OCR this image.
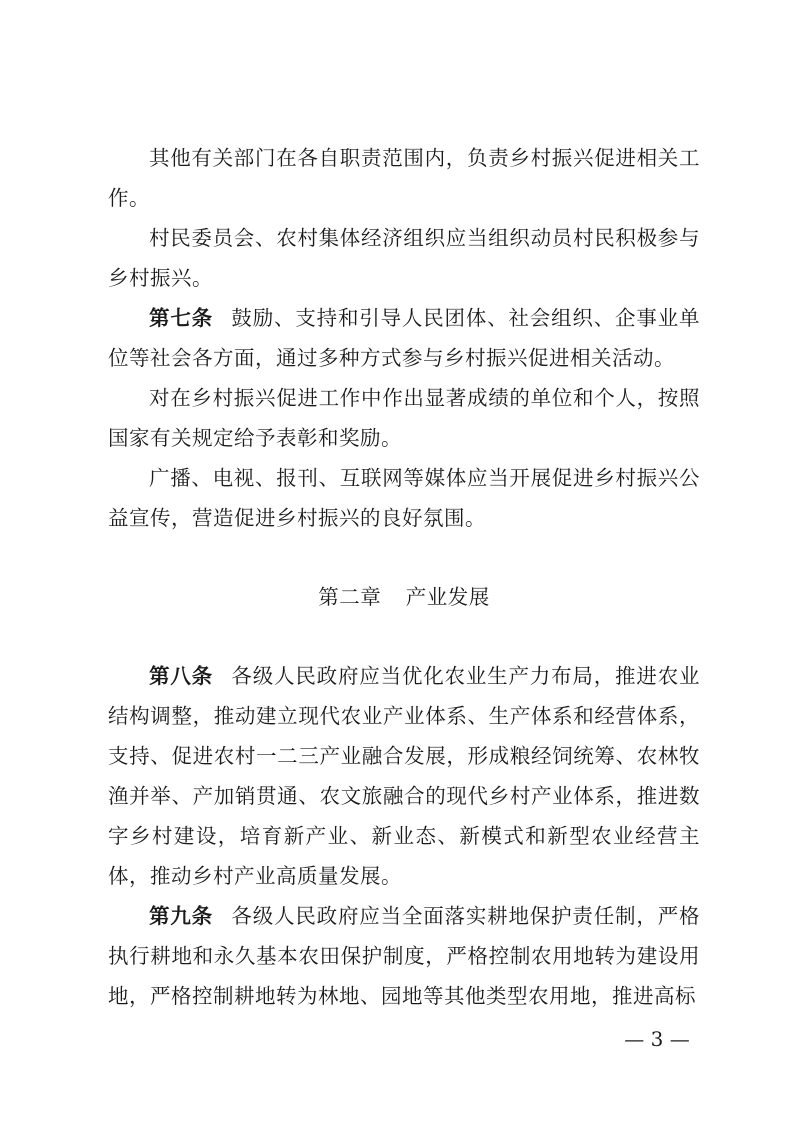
其他有关部门在各自职责范围内，负责乡村振兴促进相关工作。

村民委员会、农村集体经济组织应当组织动员村民积极参与乡村振兴。

第七条 鼓励、支持和引导人民团体、社会组织、企事业单位等社会各方面，通过多种方式参与乡村振兴促进相关活动。

对在乡村振兴促进工作中作出显著成绩的单位和个人，按照国家有关规定给予表彰和奖励。

广播、电视、报刊、互联网等媒体应当开展促进乡村振兴公益宣传，营造促进乡村振兴的良好氛围。

第二章 产业发展

第八条 各级人民政府应当优化农业生产力布局，推进农业结构调整，推动建立现代农业产业体系、生产体系和经营体系，支持、促进农村一二三产业融合发展，形成粮经饲统筹、农林牧渔并举、产加销贯通、农文旅融合的现代乡村产业体系，推进数字乡村建设，培育新产业、新业态、新模式和新型农业经营主体，推动乡村产业高质量发展。

第九条 各级人民政府应当全面落实耕地保护责任制，严格执行耕地和永久基本农田保护制度，严格控制农用地转为建设用地，严格控制耕地转为林地、园地等其他类型农用地，推进高标

— 3 —
